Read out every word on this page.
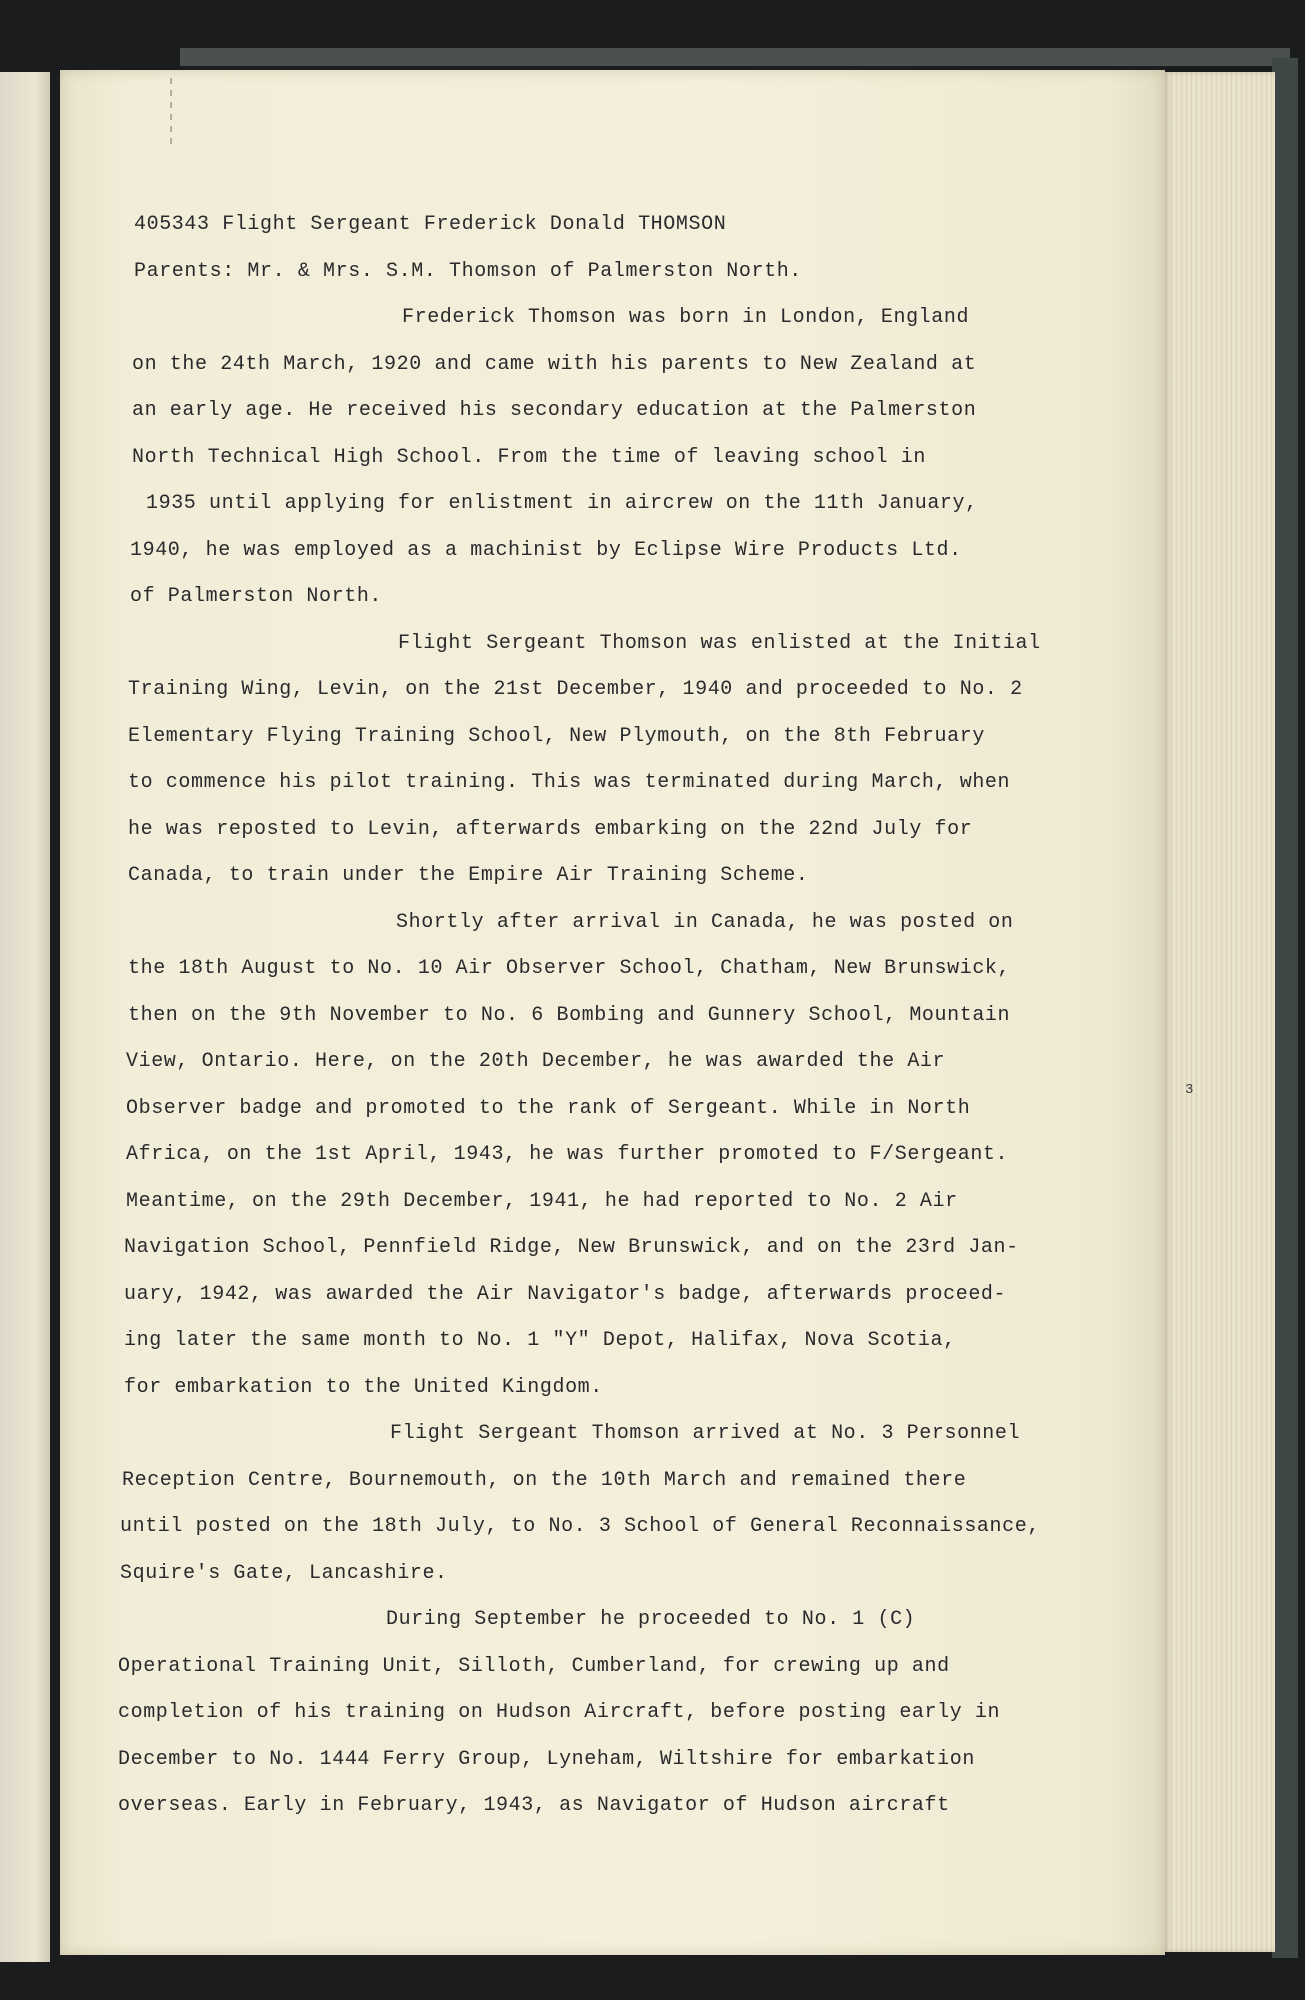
3
405343 Flight Sergeant Frederick Donald THOMSON
Parents: Mr. & Mrs. S.M. Thomson of Palmerston North.
Frederick Thomson was born in London, England
on the 24th March, 1920 and came with his parents to New Zealand at
an early age. He received his secondary education at the Palmerston
North Technical High School. From the time of leaving school in
1935 until applying for enlistment in aircrew on the 11th January,
1940, he was employed as a machinist by Eclipse Wire Products Ltd.
of Palmerston North.
Flight Sergeant Thomson was enlisted at the Initial
Training Wing, Levin, on the 21st December, 1940 and proceeded to No. 2
Elementary Flying Training School, New Plymouth, on the 8th February
to commence his pilot training. This was terminated during March, when
he was reposted to Levin, afterwards embarking on the 22nd July for
Canada, to train under the Empire Air Training Scheme.
Shortly after arrival in Canada, he was posted on
the 18th August to No. 10 Air Observer School, Chatham, New Brunswick,
then on the 9th November to No. 6 Bombing and Gunnery School, Mountain
View, Ontario. Here, on the 20th December, he was awarded the Air
Observer badge and promoted to the rank of Sergeant. While in North
Africa, on the 1st April, 1943, he was further promoted to F/Sergeant.
Meantime, on the 29th December, 1941, he had reported to No. 2 Air
Navigation School, Pennfield Ridge, New Brunswick, and on the 23rd Jan-
uary, 1942, was awarded the Air Navigator's badge, afterwards proceed-
ing later the same month to No. 1 "Y" Depot, Halifax, Nova Scotia,
for embarkation to the United Kingdom.
Flight Sergeant Thomson arrived at No. 3 Personnel
Reception Centre, Bournemouth, on the 10th March and remained there
until posted on the 18th July, to No. 3 School of General Reconnaissance,
Squire's Gate, Lancashire.
During September he proceeded to No. 1 (C)
Operational Training Unit, Silloth, Cumberland, for crewing up and
completion of his training on Hudson Aircraft, before posting early in
December to No. 1444 Ferry Group, Lyneham, Wiltshire for embarkation
overseas. Early in February, 1943, as Navigator of Hudson aircraft
